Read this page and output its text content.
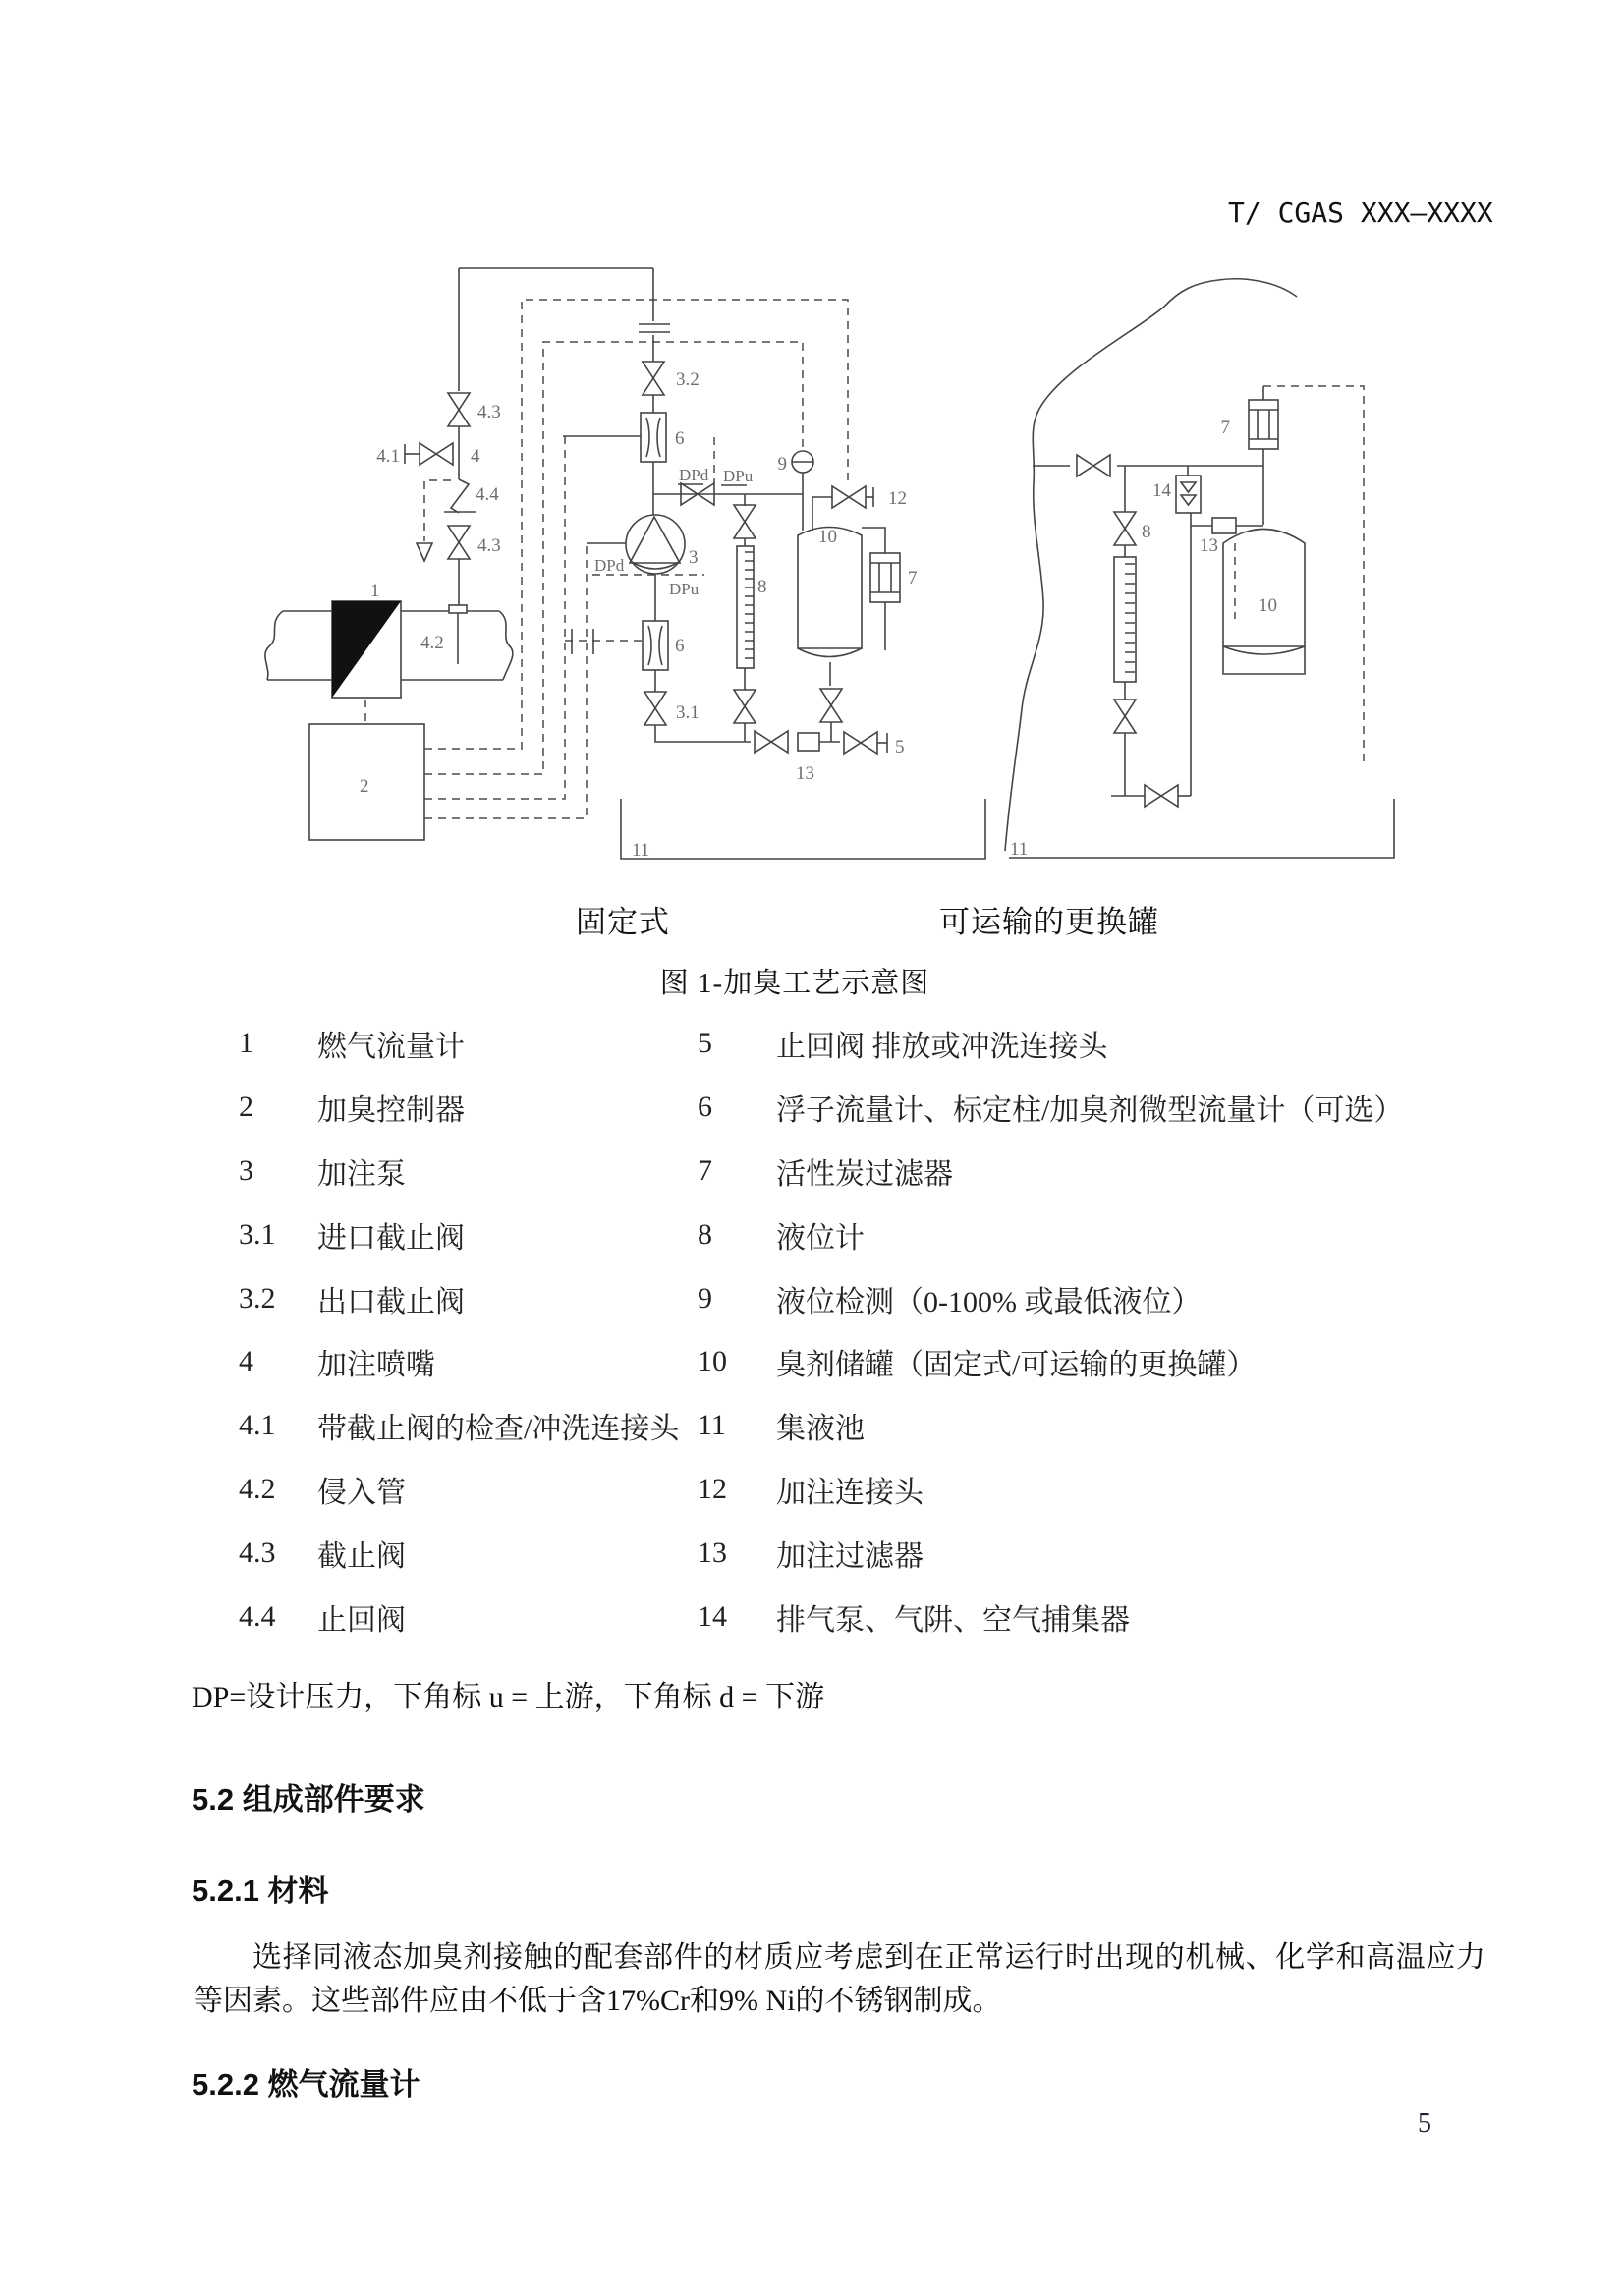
T/ CGAS XXX—XXXX
1
4.3
4.1	4
4.4
4.3
4.2
2
3.2
6
DPd DPu
9
12
3
DPd
DPu	8
10
7
6
3.1
13
5
11
7
14
8
13
10
11
固定式	可运输的更换罐
图 1-加臭工艺示意图
1	燃气流量计	5	止回阀 排放或冲洗连接头
2	加臭控制器	6	浮子流量计、标定柱/加臭剂微型流量计（可选）
3	加注泵	7	活性炭过滤器
3.1	进口截止阀	8	液位计
3.2	出口截止阀	9	液位检测（0-100% 或最低液位）
4	加注喷嘴	10	臭剂储罐（固定式/可运输的更换罐）
4.1	带截止阀的检查/冲洗连接头 11	集液池
4.2	侵入管	12	加注连接头
4.3	截止阀	13	加注过滤器
4.4	止回阀	14	排气泵、气阱、空气捕集器
DP=设计压力，下角标 u = 上游，下角标 d = 下游
5.2 组成部件要求
5.2.1 材料
选择同液态加臭剂接触的配套部件的材质应考虑到在正常运行时出现的机械、化学和高温应力等因素。这些部件应由不低于含17%Cr和9% Ni的不锈钢制成。
5.2.2 燃气流量计
5
